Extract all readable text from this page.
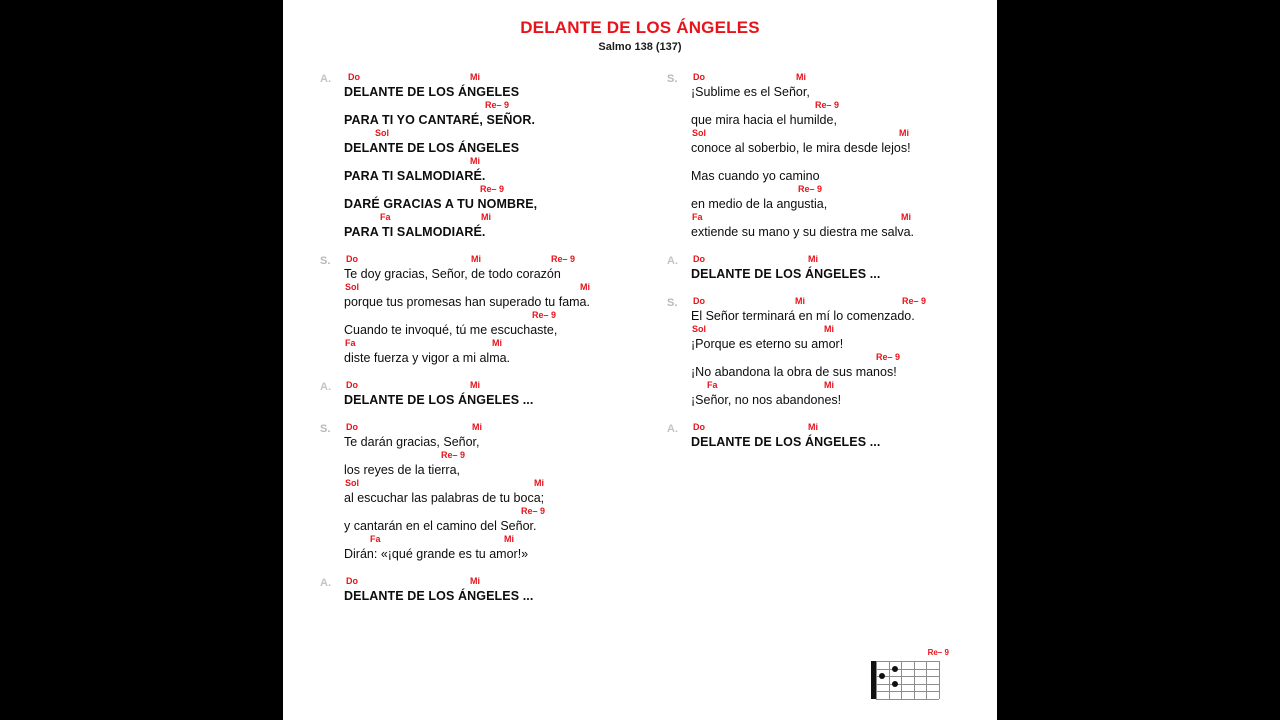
DELANTE DE LOS ÁNGELES
Salmo 138 (137)
A. Do	Mi
DELANTE DE LOS ÁNGELES
Re– 9
PARA TI YO CANTARÉ, SEÑOR.
Sol
DELANTE DE LOS ÁNGELES
Mi
PARA TI SALMODIARÉ.
Re– 9
DARÉ GRACIAS A TU NOMBRE,
Fa	Mi
PARA TI SALMODIARÉ.
S. Do	Mi	Re– 9
Te doy gracias, Señor, de todo corazón
Sol	Mi
porque tus promesas han superado tu fama.
Re– 9
Cuando te invoqué, tú me escuchaste,
Fa	Mi
diste fuerza y vigor a mi alma.
A. Do	Mi
DELANTE DE LOS ÁNGELES ...
S. Do	Mi
Te darán gracias, Señor,
Re– 9
los reyes de la tierra,
Sol	Mi
al escuchar las palabras de tu boca;
Re– 9
y cantarán en el camino del Señor.
Fa	Mi
Dirán: «¡qué grande es tu amor!»
A. Do	Mi
DELANTE DE LOS ÁNGELES ...
S. Do	Mi
¡Sublime es el Señor,
Re– 9
que mira hacia el humilde,
Sol	Mi
conoce al soberbio, le mira desde lejos!
Mas cuando yo camino
Re– 9
en medio de la angustia,
Fa	Mi
extiende su mano y su diestra me salva.
A. Do	Mi
DELANTE DE LOS ÁNGELES ...
S. Do	Mi	Re– 9
El Señor terminará en mí lo comenzado.
Sol	Mi
¡Porque es eterno su amor!
Re– 9
¡No abandona la obra de sus manos!
Fa	Mi
¡Señor, no nos abandones!
A. Do	Mi
DELANTE DE LOS ÁNGELES ...
Re– 9
